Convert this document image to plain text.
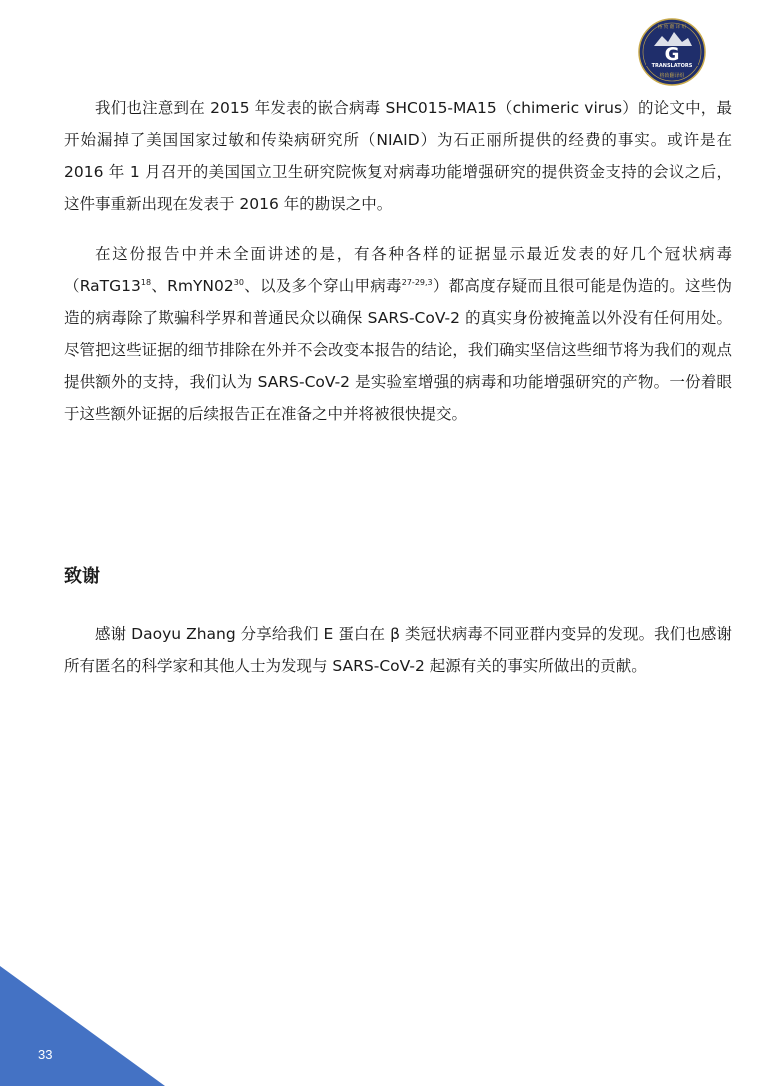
G
格 致 翻 译 组
TRANSLATORS
格致翻译组

我们也注意到在 2015 年发表的嵌合病毒 SHC015-MA15（chimeric virus）的论文中，最开始漏掉了美国国家过敏和传染病研究所（NIAID）为石正丽所提供的经费的事实。或许是在 2016 年 1 月召开的美国国立卫生研究院恢复对病毒功能增强研究的提供资金支持的会议之后，这件事重新出现在发表于 2016 年的勘误之中。

在这份报告中并未全面讲述的是，有各种各样的证据显示最近发表的好几个冠状病毒（$RaTG13^{18}$、$RmYN02^{30}$、以及多个穿山甲病毒$^{27-29,3}$）都高度存疑而且很可能是伪造的。这些伪造的病毒除了欺骗科学界和普通民众以确保 SARS-CoV-2 的真实身份被掩盖以外没有任何用处。尽管把这些证据的细节排除在外并不会改变本报告的结论，我们确实坚信这些细节将为我们的观点提供额外的支持，我们认为 SARS-CoV-2 是实验室增强的病毒和功能增强研究的产物。一份着眼于这些额外证据的后续报告正在准备之中并将被很快提交。

致谢

感谢 Daoyu Zhang 分享给我们 E 蛋白在 β 类冠状病毒不同亚群内变异的发现。我们也感谢所有匿名的科学家和其他人士为发现与 SARS-CoV-2 起源有关的事实所做出的贡献。

33
